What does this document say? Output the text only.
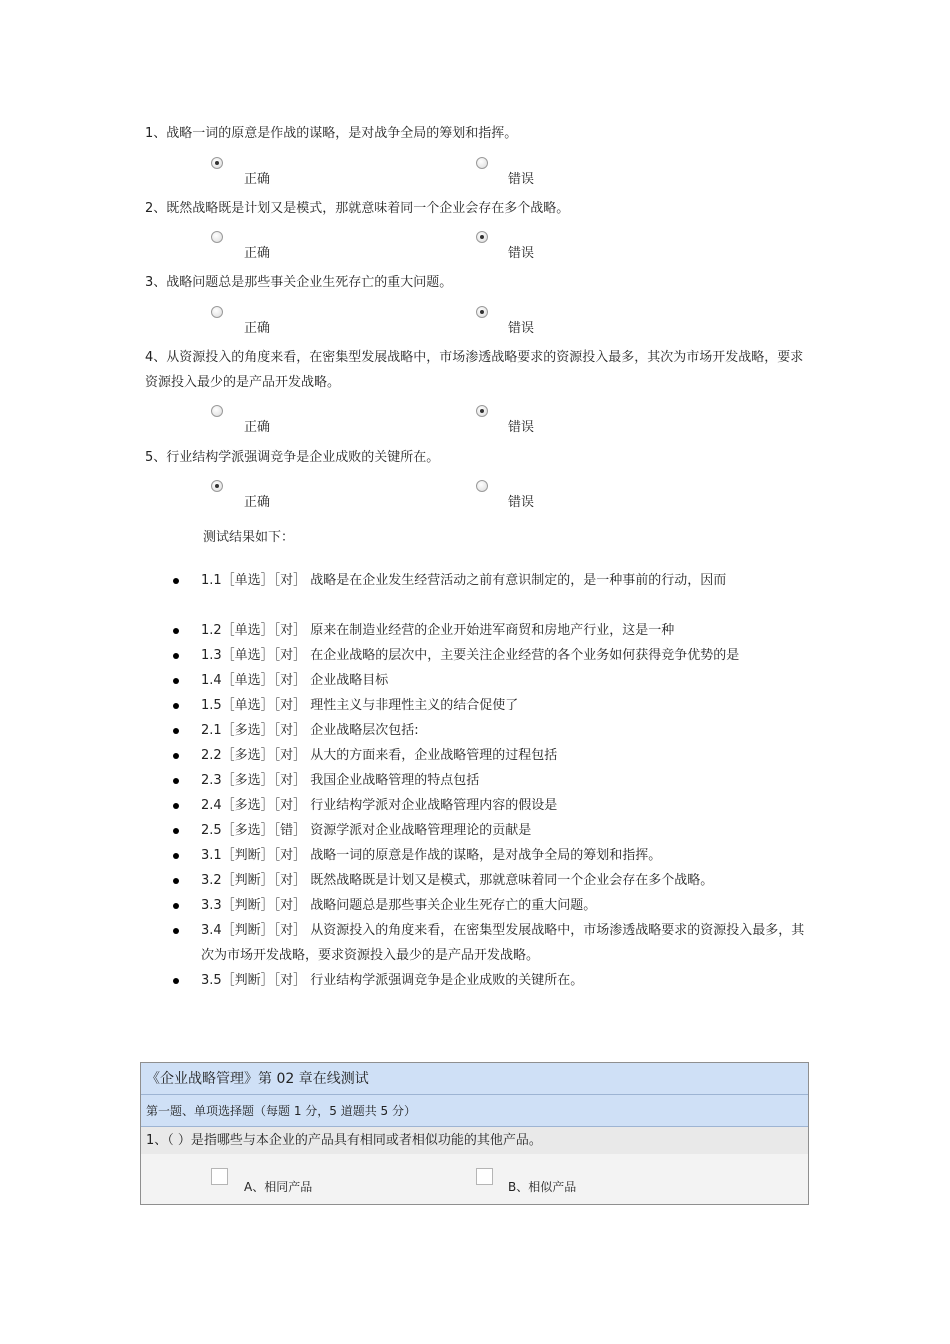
1、战略一词的原意是作战的谋略，是对战争全局的筹划和指挥。
正确	错误
2、既然战略既是计划又是模式，那就意味着同一个企业会存在多个战略。
正确	错误
3、战略问题总是那些事关企业生死存亡的重大问题。
正确	错误
4、从资源投入的角度来看，在密集型发展战略中，市场渗透战略要求的资源投入最多，其次为市场开发战略，要求资源投入最少的是产品开发战略。
正确	错误
5、行业结构学派强调竞争是企业成败的关键所在。
正确	错误
测试结果如下：
1.1［单选］［对］ 战略是在企业发生经营活动之前有意识制定的，是一种事前的行动，因而
1.2［单选］［对］ 原来在制造业经营的企业开始进军商贸和房地产行业，这是一种
1.3［单选］［对］ 在企业战略的层次中，主要关注企业经营的各个业务如何获得竞争优势的是
1.4［单选］［对］ 企业战略目标
1.5［单选］［对］ 理性主义与非理性主义的结合促使了
2.1［多选］［对］ 企业战略层次包括:
2.2［多选］［对］ 从大的方面来看，企业战略管理的过程包括
2.3［多选］［对］ 我国企业战略管理的特点包括
2.4［多选］［对］ 行业结构学派对企业战略管理内容的假设是
2.5［多选］［错］ 资源学派对企业战略管理理论的贡献是
3.1［判断］［对］ 战略一词的原意是作战的谋略，是对战争全局的筹划和指挥。
3.2［判断］［对］ 既然战略既是计划又是模式，那就意味着同一个企业会存在多个战略。
3.3［判断］［对］ 战略问题总是那些事关企业生死存亡的重大问题。
3.4［判断］［对］ 从资源投入的角度来看，在密集型发展战略中，市场渗透战略要求的资源投入最多，其次为市场开发战略，要求资源投入最少的是产品开发战略。
3.5［判断］［对］ 行业结构学派强调竞争是企业成败的关键所在。
《企业战略管理》第 02 章在线测试
第一题、单项选择题（每题 1 分，5 道题共 5 分）
1、（ ）是指哪些与本企业的产品具有相同或者相似功能的其他产品。
A、相同产品	B、相似产品
